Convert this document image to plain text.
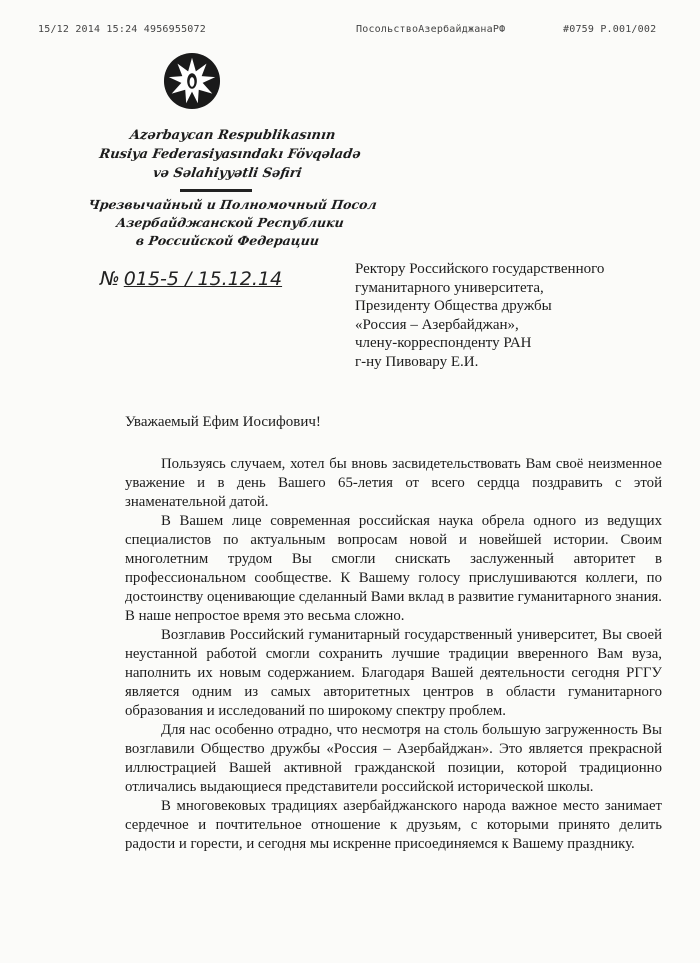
15/12 2014 15:24 4956955072	ПосольствоАзербайджанаРФ	#0759 P.001/002
Azərbaycan Respublikasının
Rusiya Federasiyasındakı Fövqəladə
və Səlahiyyətli Səfiri
Чрезвычайный и Полномочный Посол
Азербайджанской Республики
в Российской Федерации
№ 015-5 / 15.12.14	Ректору Российского государственного
гуманитарного университета,
Президенту Общества дружбы
«Россия – Азербайджан»,
члену-корреспонденту РАН
г-ну Пивовару Е.И.
Уважаемый Ефим Иосифович!

Пользуясь случаем, хотел бы вновь засвидетельствовать Вам своё неизменное уважение и в день Вашего 65-летия от всего сердца поздравить с этой знаменательной датой.

В Вашем лице современная российская наука обрела одного из ведущих специалистов по актуальным вопросам новой и новейшей истории. Своим многолетним трудом Вы смогли снискать заслуженный авторитет в профессиональном сообществе. К Вашему голосу прислушиваются коллеги, по достоинству оценивающие сделанный Вами вклад в развитие гуманитарного знания. В наше непростое время это весьма сложно.

Возглавив Российский гуманитарный государственный университет, Вы своей неустанной работой смогли сохранить лучшие традиции вверенного Вам вуза, наполнить их новым содержанием. Благодаря Вашей деятельности сегодня РГГУ является одним из самых авторитетных центров в области гуманитарного образования и исследований по широкому спектру проблем.

Для нас особенно отрадно, что несмотря на столь большую загруженность Вы возглавили Общество дружбы «Россия – Азербайджан». Это является прекрасной иллюстрацией Вашей активной гражданской позиции, которой традиционно отличались выдающиеся представители российской исторической школы.

В многовековых традициях азербайджанского народа важное место занимает сердечное и почтительное отношение к друзьям, с которыми принято делить радости и горести, и сегодня мы искренне присоединяемся к Вашему празднику.
